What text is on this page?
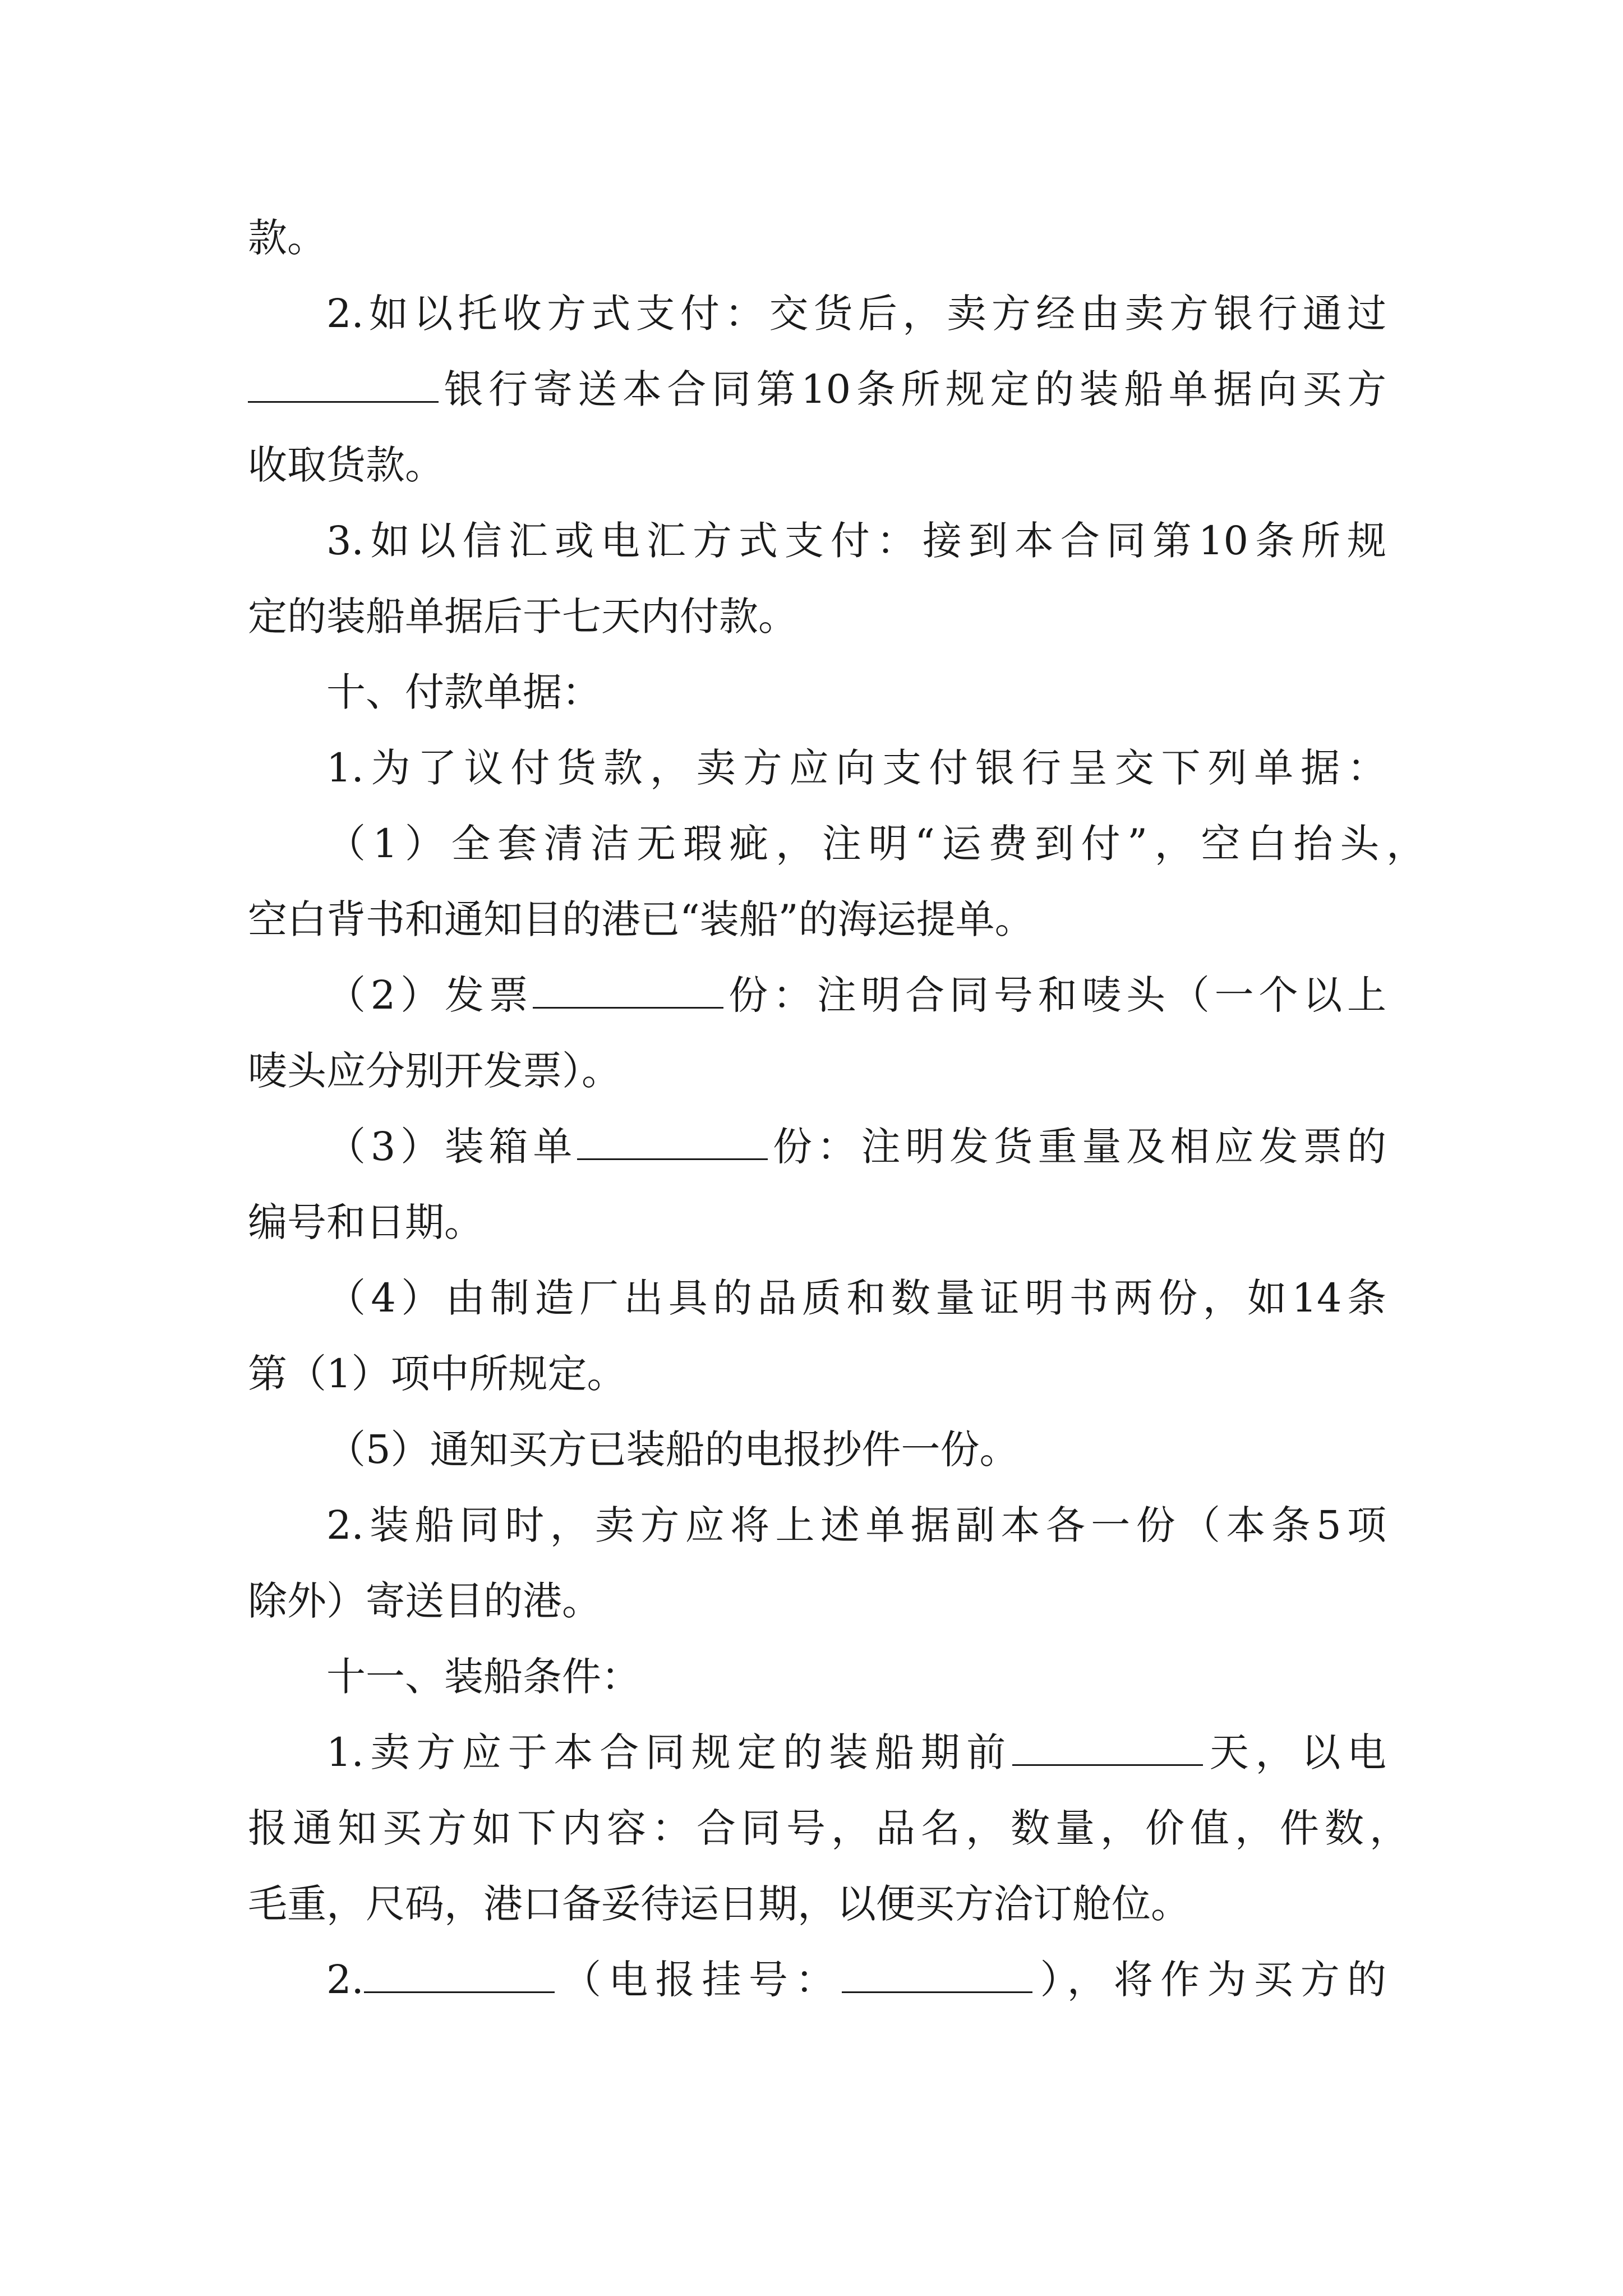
款。
2.如以托收方式支付：交货后，卖方经由卖方银行通过
银行寄送本合同第10条所规定的装船单据向买方
收取货款。
3.如以信汇或电汇方式支付：接到本合同第10条所规
定的装船单据后于七天内付款。
十、付款单据：
1.为了议付货款，卖方应向支付银行呈交下列单据：
（1）全套清洁无瑕疵，注明“运费到付”，空白抬头，
空白背书和通知目的港已“装船”的海运提单。
（2）发票	份：注明合同号和唛头（一个以上
唛头应分别开发票）。
（3）装箱单	份：注明发货重量及相应发票的
编号和日期。
（4）由制造厂出具的品质和数量证明书两份，如14条
第（1）项中所规定。
（5）通知买方已装船的电报抄件一份。
2.装船同时，卖方应将上述单据副本各一份（本条5项
除外）寄送目的港。
十一、装船条件：
1.卖方应于本合同规定的装船期前	天，以电
报通知买方如下内容：合同号，品名，数量，价值，件数，
毛重，尺码，港口备妥待运日期，以便买方洽订舱位。
2.	（电报挂号：	），将作为买方的
